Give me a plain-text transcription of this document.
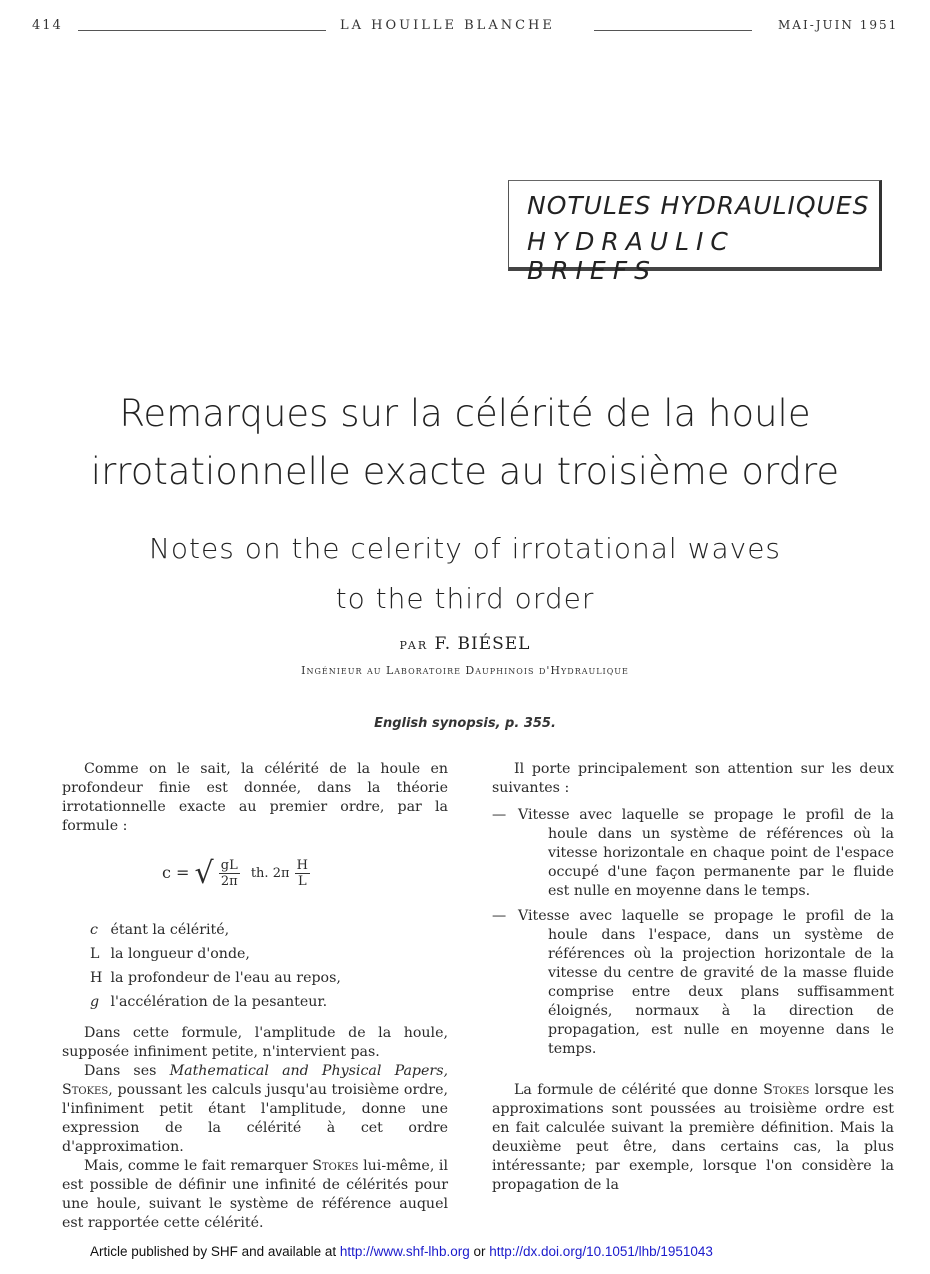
414	LA HOUILLE BLANCHE	MAI-JUIN 1951
NOTULES HYDRAULIQUES
HYDRAULIC BRIEFS
Remarques sur la célérité de la houle
irrotationnelle exacte au troisième ordre
Notes on the celerity of irrotational waves
to the third order
PAR F. BIÉSEL
Ingénieur au Laboratoire Dauphinois d'Hydraulique
English synopsis, p. 355.

Comme on le sait, la célérité de la houle en profondeur finie est donnée, dans la théorie irrotationnelle exacte au premier ordre, par la formule :

c = √ $\frac{gL}{2\pi}$ th. $2\pi \frac{H}{L}$
c étant la célérité,
L la longueur d'onde,
H la profondeur de l'eau au repos,
g l'accélération de la pesanteur.

Dans cette formule, l'amplitude de la houle, supposée infiniment petite, n'intervient pas.

Dans ses Mathematical and Physical Papers, Stokes, poussant les calculs jusqu'au troisième ordre, l'infiniment petit étant l'amplitude, donne une expression de la célérité à cet ordre d'approximation.

Mais, comme le fait remarquer Stokes lui-même, il est possible de définir une infinité de célérités pour une houle, suivant le système de référence auquel est rapportée cette célérité.

Il porte principalement son attention sur les deux suivantes :

— Vitesse avec laquelle se propage le profil de la houle dans un système de références où la vitesse horizontale en chaque point de l'espace occupé d'une façon permanente par le fluide est nulle en moyenne dans le temps.
— Vitesse avec laquelle se propage le profil de la houle dans l'espace, dans un système de références où la projection horizontale de la vitesse du centre de gravité de la masse fluide comprise entre deux plans suffisamment éloignés, normaux à la direction de propagation, est nulle en moyenne dans le temps.

La formule de célérité que donne Stokes lorsque les approximations sont poussées au troisième ordre est en fait calculée suivant la première définition. Mais la deuxième peut être, dans certains cas, la plus intéressante; par exemple, lorsque l'on considère la propagation de la

Article published by SHF and available at http://www.shf-lhb.org or http://dx.doi.org/10.1051/lhb/1951043
